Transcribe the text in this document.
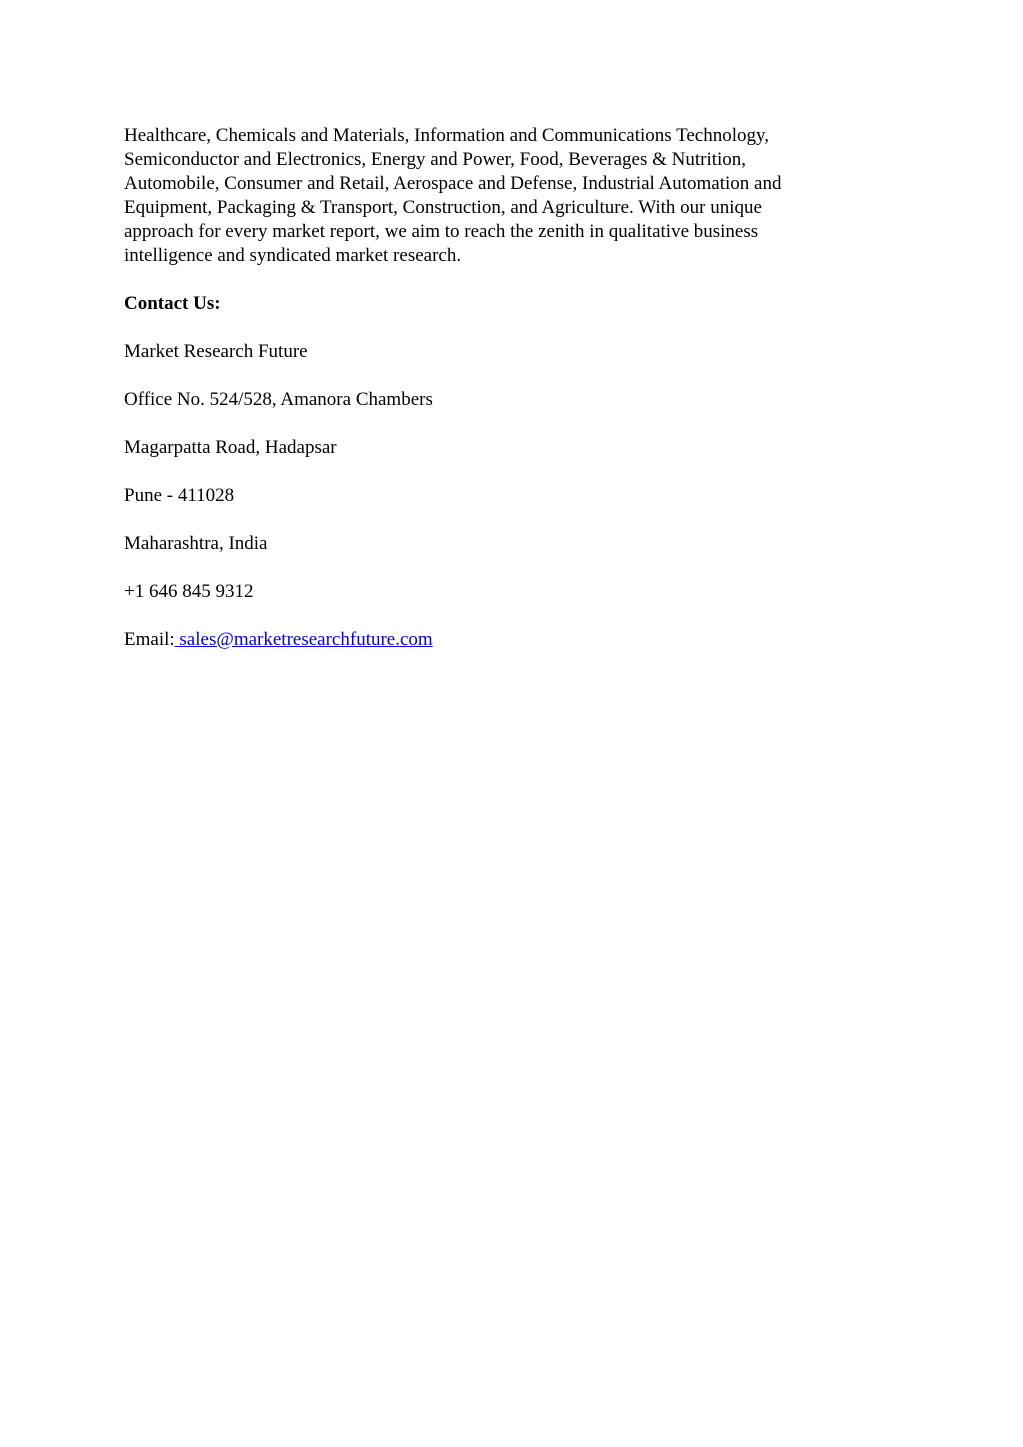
Healthcare, Chemicals and Materials, Information and Communications Technology,
Semiconductor and Electronics, Energy and Power, Food, Beverages & Nutrition,
Automobile, Consumer and Retail, Aerospace and Defense, Industrial Automation and
Equipment, Packaging & Transport, Construction, and Agriculture. With our unique
approach for every market report, we aim to reach the zenith in qualitative business
intelligence and syndicated market research.

Contact Us:

Market Research Future

Office No. 524/528, Amanora Chambers

Magarpatta Road, Hadapsar

Pune - 411028

Maharashtra, India

+1 646 845 9312

Email: sales@marketresearchfuture.com
